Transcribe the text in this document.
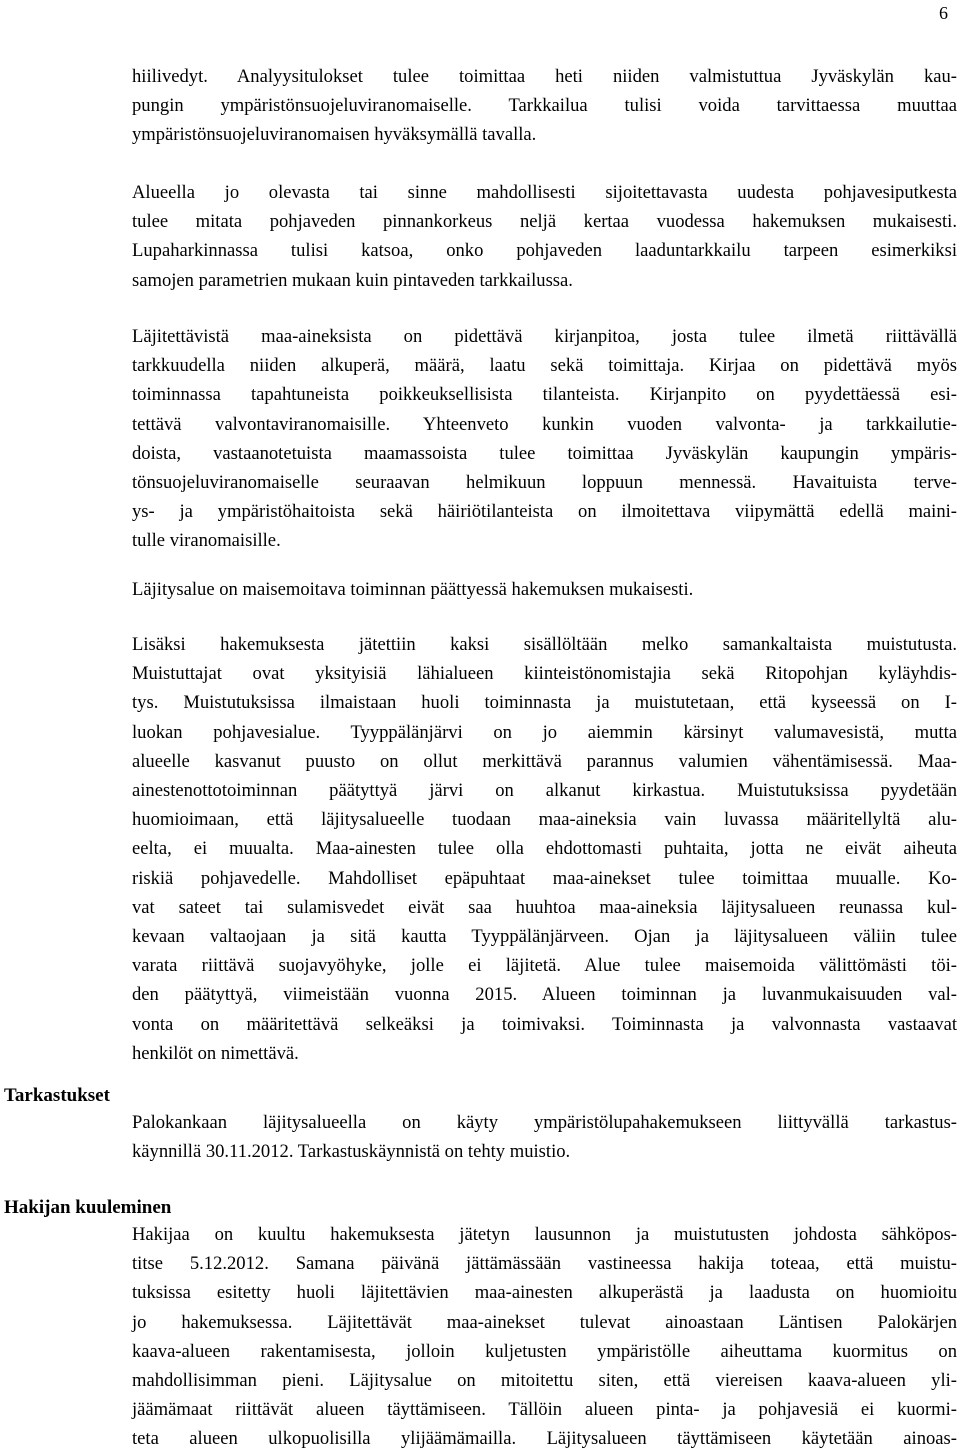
6
hiilivedyt. Analyysitulokset tulee toimittaa heti niiden valmistuttua Jyväskylän kau-
pungin ympäristönsuojeluviranomaiselle. Tarkkailua tulisi voida tarvittaessa muuttaa
ympäristönsuojeluviranomaisen hyväksymällä tavalla.
Alueella jo olevasta tai sinne mahdollisesti sijoitettavasta uudesta pohjavesiputkesta
tulee mitata pohjaveden pinnankorkeus neljä kertaa vuodessa hakemuksen mukaisesti.
Lupaharkinnassa tulisi katsoa, onko pohjaveden laaduntarkkailu tarpeen esimerkiksi
samojen parametrien mukaan kuin pintaveden tarkkailussa.
Läjitettävistä maa-aineksista on pidettävä kirjanpitoa, josta tulee ilmetä riittävällä
tarkkuudella niiden alkuperä, määrä, laatu sekä toimittaja. Kirjaa on pidettävä myös
toiminnassa tapahtuneista poikkeuksellisista tilanteista. Kirjanpito on pyydettäessä esi-
tettävä valvontaviranomaisille. Yhteenveto kunkin vuoden valvonta- ja tarkkailutie-
doista, vastaanotetuista maamassoista tulee toimittaa Jyväskylän kaupungin ympäris-
tönsuojeluviranomaiselle seuraavan helmikuun loppuun mennessä. Havaituista terve-
ys- ja ympäristöhaitoista sekä häiriötilanteista on ilmoitettava viipymättä edellä maini-
tulle viranomaisille.
Läjitysalue on maisemoitava toiminnan päättyessä hakemuksen mukaisesti.
Lisäksi hakemuksesta jätettiin kaksi sisällöltään melko samankaltaista muistutusta.
Muistuttajat ovat yksityisiä lähialueen kiinteistönomistajia sekä Ritopohjan kyläyhdis-
tys. Muistutuksissa ilmaistaan huoli toiminnasta ja muistutetaan, että kyseessä on I-
luokan pohjavesialue. Tyyppälänjärvi on jo aiemmin kärsinyt valumavesistä, mutta
alueelle kasvanut puusto on ollut merkittävä parannus valumien vähentämisessä. Maa-
ainestenottotoiminnan päätyttyä järvi on alkanut kirkastua. Muistutuksissa pyydetään
huomioimaan, että läjitysalueelle tuodaan maa-aineksia vain luvassa määritellyltä alu-
eelta, ei muualta. Maa-ainesten tulee olla ehdottomasti puhtaita, jotta ne eivät aiheuta
riskiä pohjavedelle. Mahdolliset epäpuhtaat maa-ainekset tulee toimittaa muualle. Ko-
vat sateet tai sulamisvedet eivät saa huuhtoa maa-aineksia läjitysalueen reunassa kul-
kevaan valtaojaan ja sitä kautta Tyyppälänjärveen. Ojan ja läjitysalueen väliin tulee
varata riittävä suojavyöhyke, jolle ei läjitetä. Alue tulee maisemoida välittömästi töi-
den päätyttyä, viimeistään vuonna 2015. Alueen toiminnan ja luvanmukaisuuden val-
vonta on määritettävä selkeäksi ja toimivaksi. Toiminnasta ja valvonnasta vastaavat
henkilöt on nimettävä.
Palokankaan läjitysalueella on käyty ympäristölupahakemukseen liittyvällä tarkastus-
käynnillä 30.11.2012. Tarkastuskäynnistä on tehty muistio.
Hakijaa on kuultu hakemuksesta jätetyn lausunnon ja muistutusten johdosta sähköpos-
titse 5.12.2012. Samana päivänä jättämässään vastineessa hakija toteaa, että muistu-
tuksissa esitetty huoli läjitettävien maa-ainesten alkuperästä ja laadusta on huomioitu
jo hakemuksessa. Läjitettävät maa-ainekset tulevat ainoastaan Läntisen Palokärjen
kaava-alueen rakentamisesta, jolloin kuljetusten ympäristölle aiheuttama kuormitus on
mahdollisimman pieni. Läjitysalue on mitoitettu siten, että viereisen kaava-alueen yli-
jäämämaat riittävät alueen täyttämiseen. Tällöin alueen pinta- ja pohjavesiä ei kuormi-
teta alueen ulkopuolisilla ylijäämämailla. Läjitysalueen täyttämiseen käytetään ainoas-
Tarkastukset
Hakijan kuuleminen
